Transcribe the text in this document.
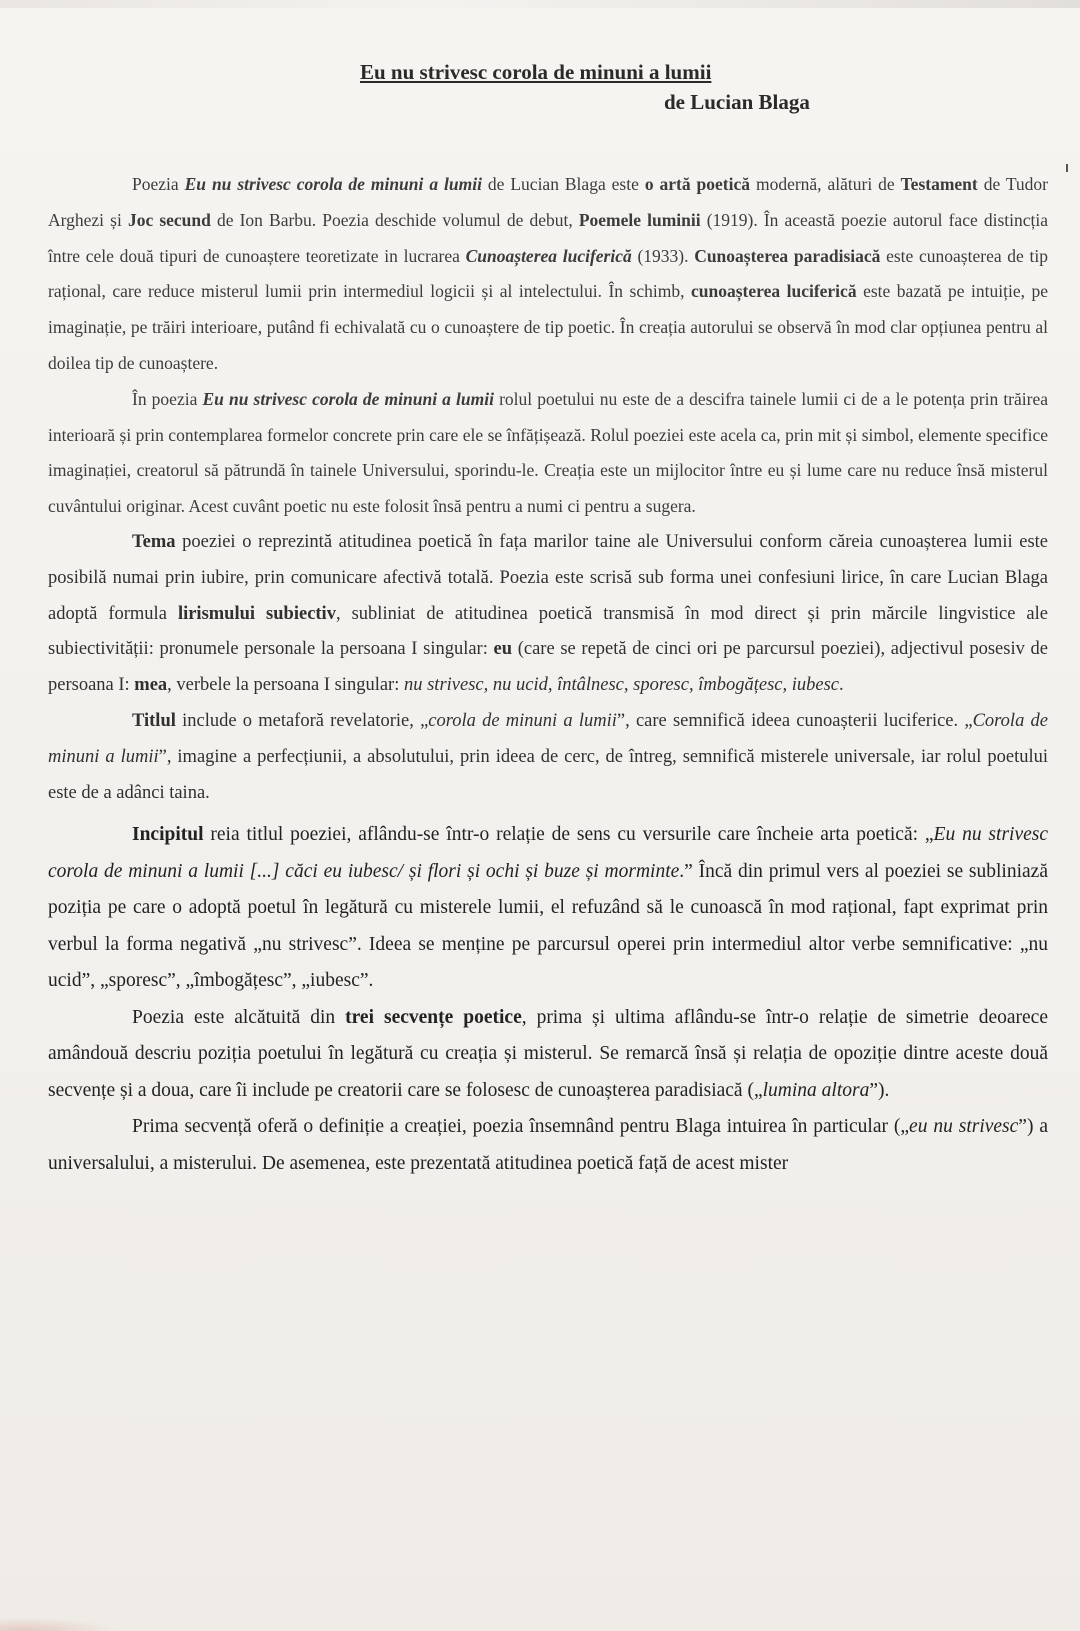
Eu nu strivesc corola de minuni a lumii
de Lucian Blaga

Poezia Eu nu strivesc corola de minuni a lumii de Lucian Blaga este o artă poetică modernă, alături de Testament de Tudor Arghezi și Joc secund de Ion Barbu. Poezia deschide volumul de debut, Poemele luminii (1919). În această poezie autorul face distincția între cele două tipuri de cunoaștere teoretizate in lucrarea Cunoașterea luciferică (1933). Cunoașterea paradisiacă este cunoașterea de tip rațional, care reduce misterul lumii prin intermediul logicii și al intelectului. În schimb, cunoașterea luciferică este bazată pe intuiție, pe imaginație, pe trăiri interioare, putând fi echivalată cu o cunoaștere de tip poetic. În creația autorului se observă în mod clar opțiunea pentru al doilea tip de cunoaștere.

În poezia Eu nu strivesc corola de minuni a lumii rolul poetului nu este de a descifra tainele lumii ci de a le potența prin trăirea interioară și prin contemplarea formelor concrete prin care ele se înfățișează. Rolul poeziei este acela ca, prin mit și simbol, elemente specifice imaginației, creatorul să pătrundă în tainele Universului, sporindu-le. Creația este un mijlocitor între eu și lume care nu reduce însă misterul cuvântului originar. Acest cuvânt poetic nu este folosit însă pentru a numi ci pentru a sugera.

Tema poeziei o reprezintă atitudinea poetică în fața marilor taine ale Universului conform căreia cunoașterea lumii este posibilă numai prin iubire, prin comunicare afectivă totală. Poezia este scrisă sub forma unei confesiuni lirice, în care Lucian Blaga adoptă formula lirismului subiectiv, subliniat de atitudinea poetică transmisă în mod direct și prin mărcile lingvistice ale subiectivității: pronumele personale la persoana I singular: eu (care se repetă de cinci ori pe parcursul poeziei), adjectivul posesiv de persoana I: mea, verbele la persoana I singular: nu strivesc, nu ucid, întâlnesc, sporesc, îmbogățesc, iubesc.

Titlul include o metaforă revelatorie, „corola de minuni a lumii”, care semnifică ideea cunoașterii luciferice. „Corola de minuni a lumii”, imagine a perfecțiunii, a absolutului, prin ideea de cerc, de întreg, semnifică misterele universale, iar rolul poetului este de a adânci taina.

Incipitul reia titlul poeziei, aflându-se într-o relație de sens cu versurile care încheie arta poetică: „Eu nu strivesc corola de minuni a lumii [...] căci eu iubesc/ și flori și ochi și buze și morminte.” Încă din primul vers al poeziei se subliniază poziția pe care o adoptă poetul în legătură cu misterele lumii, el refuzând să le cunoască în mod rațional, fapt exprimat prin verbul la forma negativă „nu strivesc”. Ideea se menține pe parcursul operei prin intermediul altor verbe semnificative: „nu ucid”, „sporesc”, „îmbogățesc”, „iubesc”.

Poezia este alcătuită din trei secvențe poetice, prima și ultima aflându-se într-o relație de simetrie deoarece amândouă descriu poziția poetului în legătură cu creația și misterul. Se remarcă însă și relația de opoziție dintre aceste două secvențe și a doua, care îi include pe creatorii care se folosesc de cunoașterea paradisiacă („lumina altora”).

Prima secvență oferă o definiție a creației, poezia însemnând pentru Blaga intuirea în particular („eu nu strivesc”) a universalului, a misterului. De asemenea, este prezentată atitudinea poetică față de acest mister
